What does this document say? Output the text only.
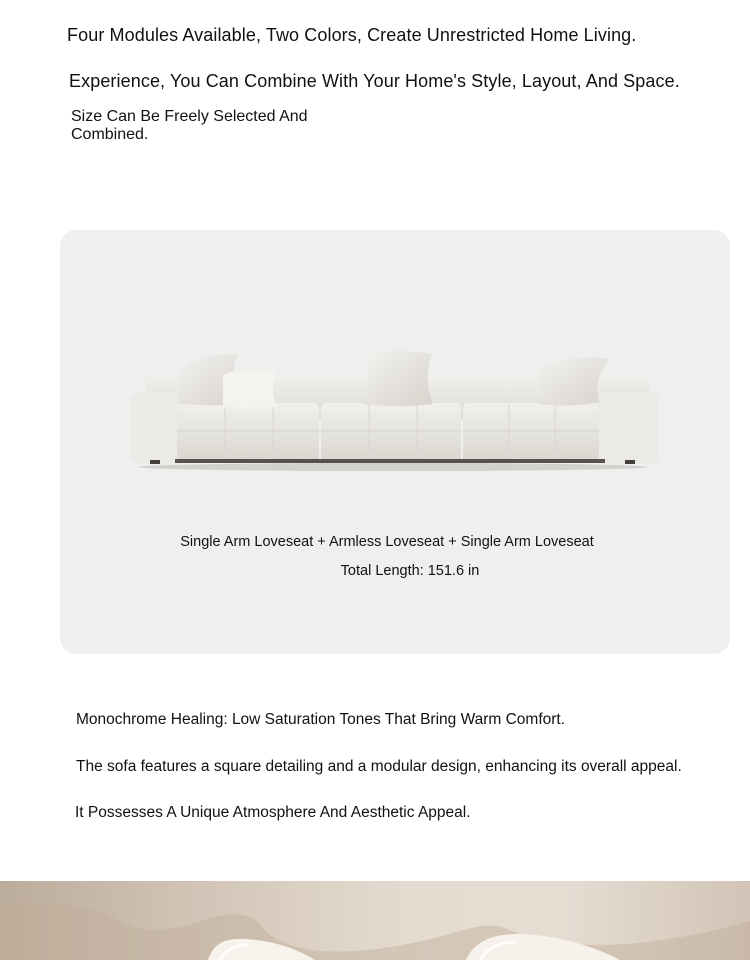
Four Modules Available, Two Colors, Create Unrestricted Home Living.

Experience, You Can Combine With Your Home's Style, Layout, And Space.

Size Can Be Freely Selected And Combined.

Single Arm Loveseat + Armless Loveseat + Single Arm Loveseat

Total Length: 151.6 in

Monochrome Healing: Low Saturation Tones That Bring Warm Comfort.

The sofa features a square detailing and a modular design, enhancing its overall appeal.

It Possesses A Unique Atmosphere And Aesthetic Appeal.
